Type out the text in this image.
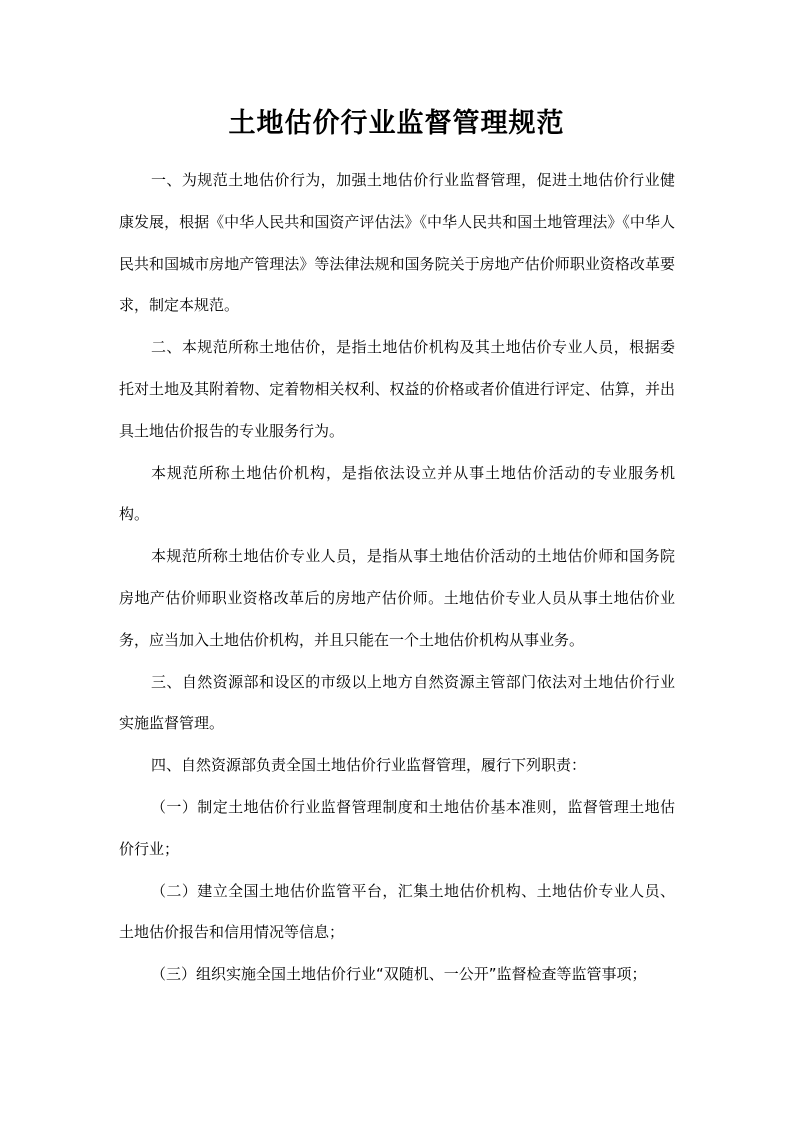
土地估价行业监督管理规范

一、为规范土地估价行为，加强土地估价行业监督管理，促进土地估价行业健康发展，根据《中华人民共和国资产评估法》《中华人民共和国土地管理法》《中华人民共和国城市房地产管理法》等法律法规和国务院关于房地产估价师职业资格改革要求，制定本规范。

二、本规范所称土地估价，是指土地估价机构及其土地估价专业人员，根据委托对土地及其附着物、定着物相关权利、权益的价格或者价值进行评定、估算，并出具土地估价报告的专业服务行为。

本规范所称土地估价机构，是指依法设立并从事土地估价活动的专业服务机构。

本规范所称土地估价专业人员，是指从事土地估价活动的土地估价师和国务院房地产估价师职业资格改革后的房地产估价师。土地估价专业人员从事土地估价业务，应当加入土地估价机构，并且只能在一个土地估价机构从事业务。

三、自然资源部和设区的市级以上地方自然资源主管部门依法对土地估价行业实施监督管理。

四、自然资源部负责全国土地估价行业监督管理，履行下列职责：

（一）制定土地估价行业监督管理制度和土地估价基本准则，监督管理土地估价行业；

（二）建立全国土地估价监管平台，汇集土地估价机构、土地估价专业人员、土地估价报告和信用情况等信息；

（三）组织实施全国土地估价行业“双随机、一公开”监督检查等监管事项；
